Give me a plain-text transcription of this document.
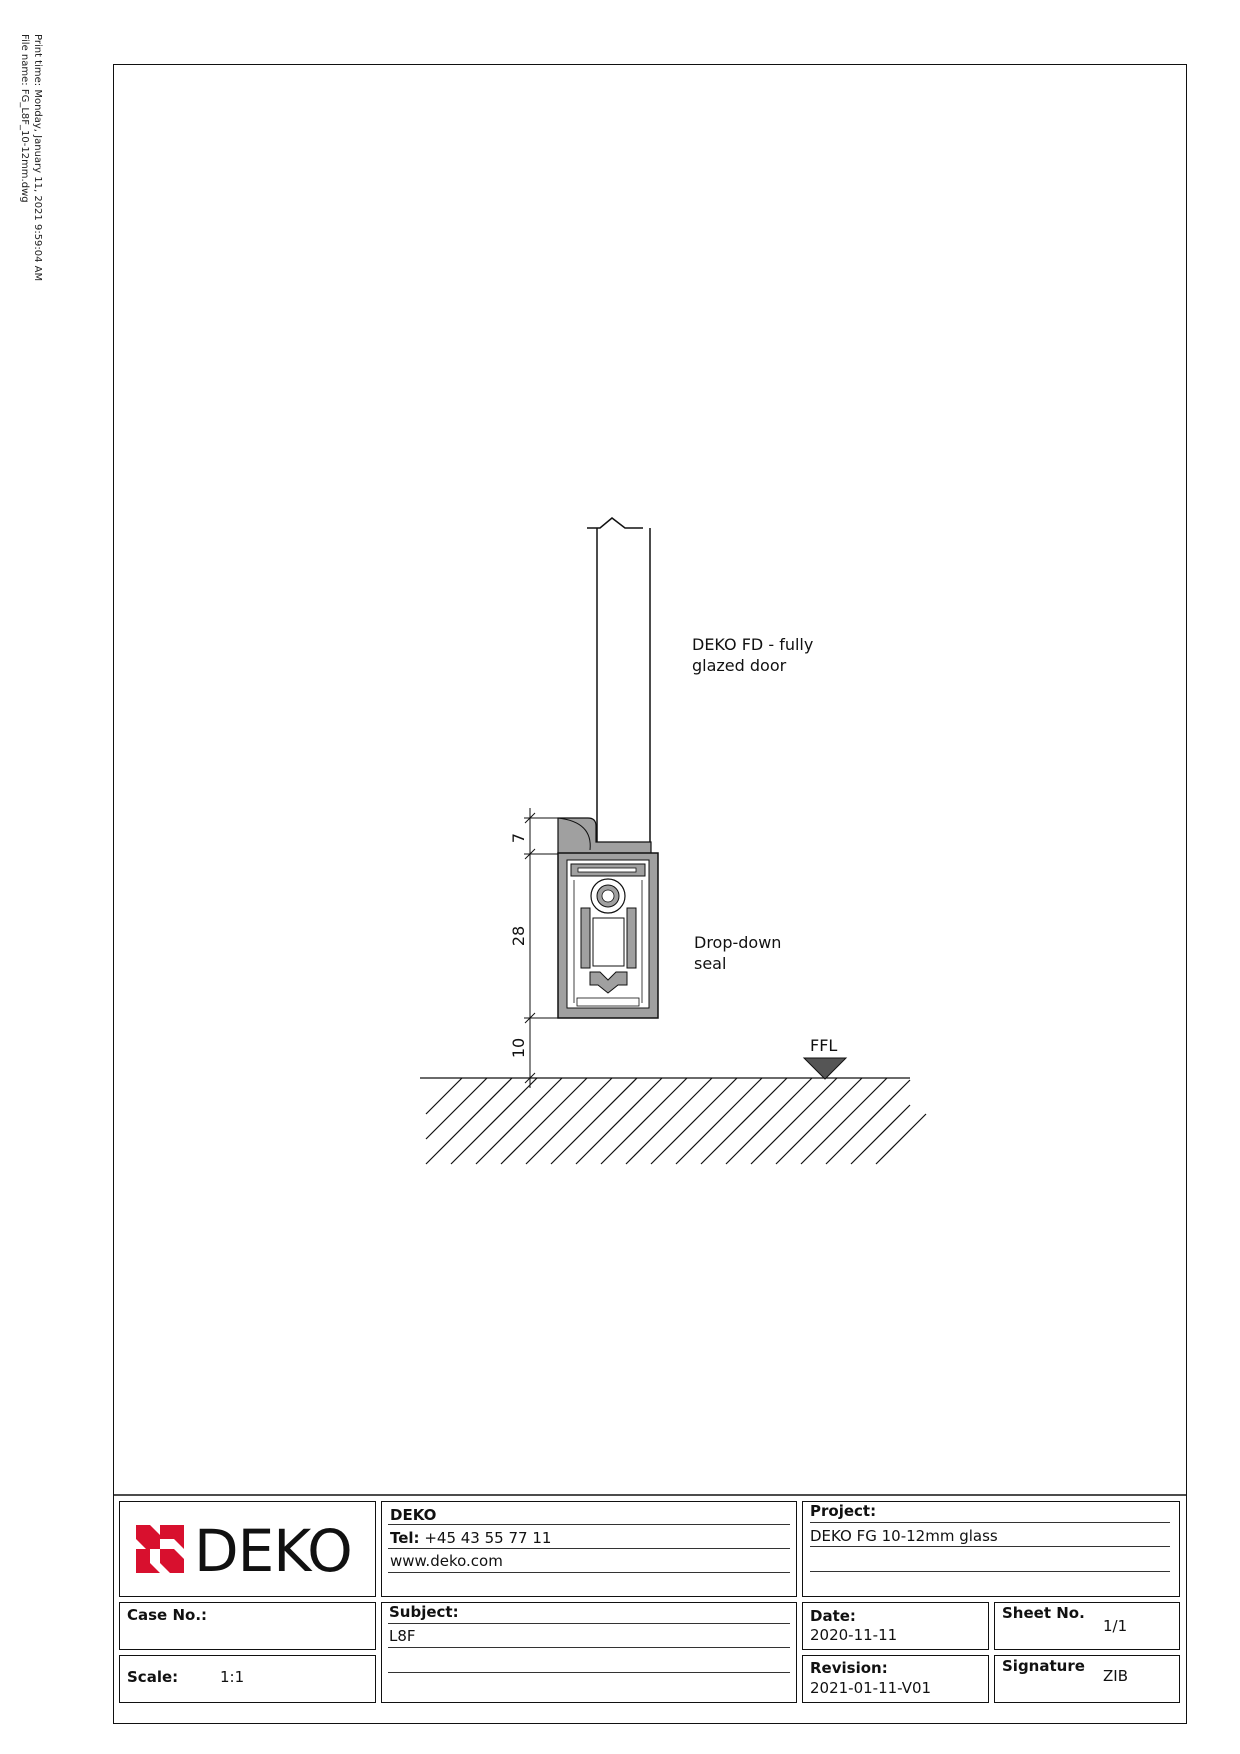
Print time: Monday, January 11, 2021 9:59:04 AM
File name: FG_L8F_10-12mm.dwg
7
28
10
DEKO FD - fully
glazed door
Drop-down
seal
FFL
DEKO
DEKO
Tel: +45 43 55 77 11
www.deko.com
Project:
DEKO FG 10-12mm glass
Case No.:	Subject:
L8F
Date:
2020-11-11
Sheet No.
1/1
Scale:	1:1	Revision:
2021-01-11-V01
Signature
ZIB
